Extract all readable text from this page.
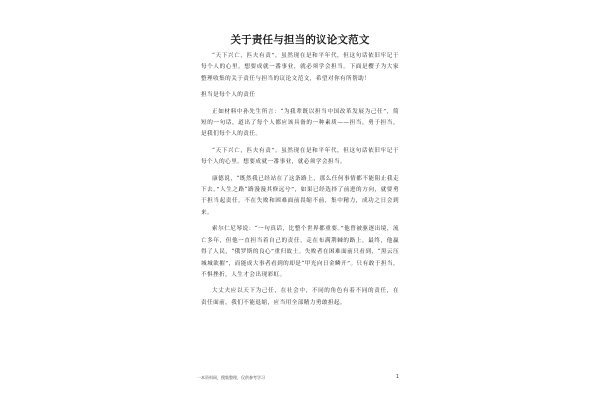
关于责任与担当的议论文范文

“天下兴亡，匹夫有责”。虽然现在是和平年代，但这句话依旧牢记于每个人的心里。想要成就一番事业，就必须学会担当。下面是樱子为大家整理收集的关于责任与担当的议论文范文，希望对你有所帮助！

担当是每个人的责任

正如材料中孙先生所言：“为我辈既以担当中国改革发展为己任”，简短的一句话，道出了每个人都应该具备的一种素质——担当，勇于担当，是我们每个人的责任。

“天下兴亡，匹夫有责”。虽然现在是和平年代，但这句话依旧牢记于每个人的心里。想要成就一番事业，就必须学会担当。

康德说，“既然我已经站在了这条路上，那么任何事情都不能阻止我走下去。”人生之路“路漫漫其修远兮”，如果已经选择了前进的方向，就要勇于担当起责任，不在失败和困难面前畏缩不前，集中精力，成功之日会到来。

索尔仁尼琴说：“一句真话，比整个世界都重要。”他曾被驱逐出境，流亡多年，但他一直担当着自己的责任，走在布满荆棘的路上，最终，他赢得了人民，“俄罗斯的良心”重归故土。失败者在困难面前只看到，“黑云压城城欲摧”，而能成大事者看到的却是“甲光向日金鳞开”。只有敢于担当，不惧挫折，人生才会出现彩虹。

大丈夫应以天下为己任，在社会中，不同的角色有着不同的责任，在责任面前，我们不能退缩，应当用全部精力勇敢担起。

一本资料网，搜集整理，仅供参考学习	1
